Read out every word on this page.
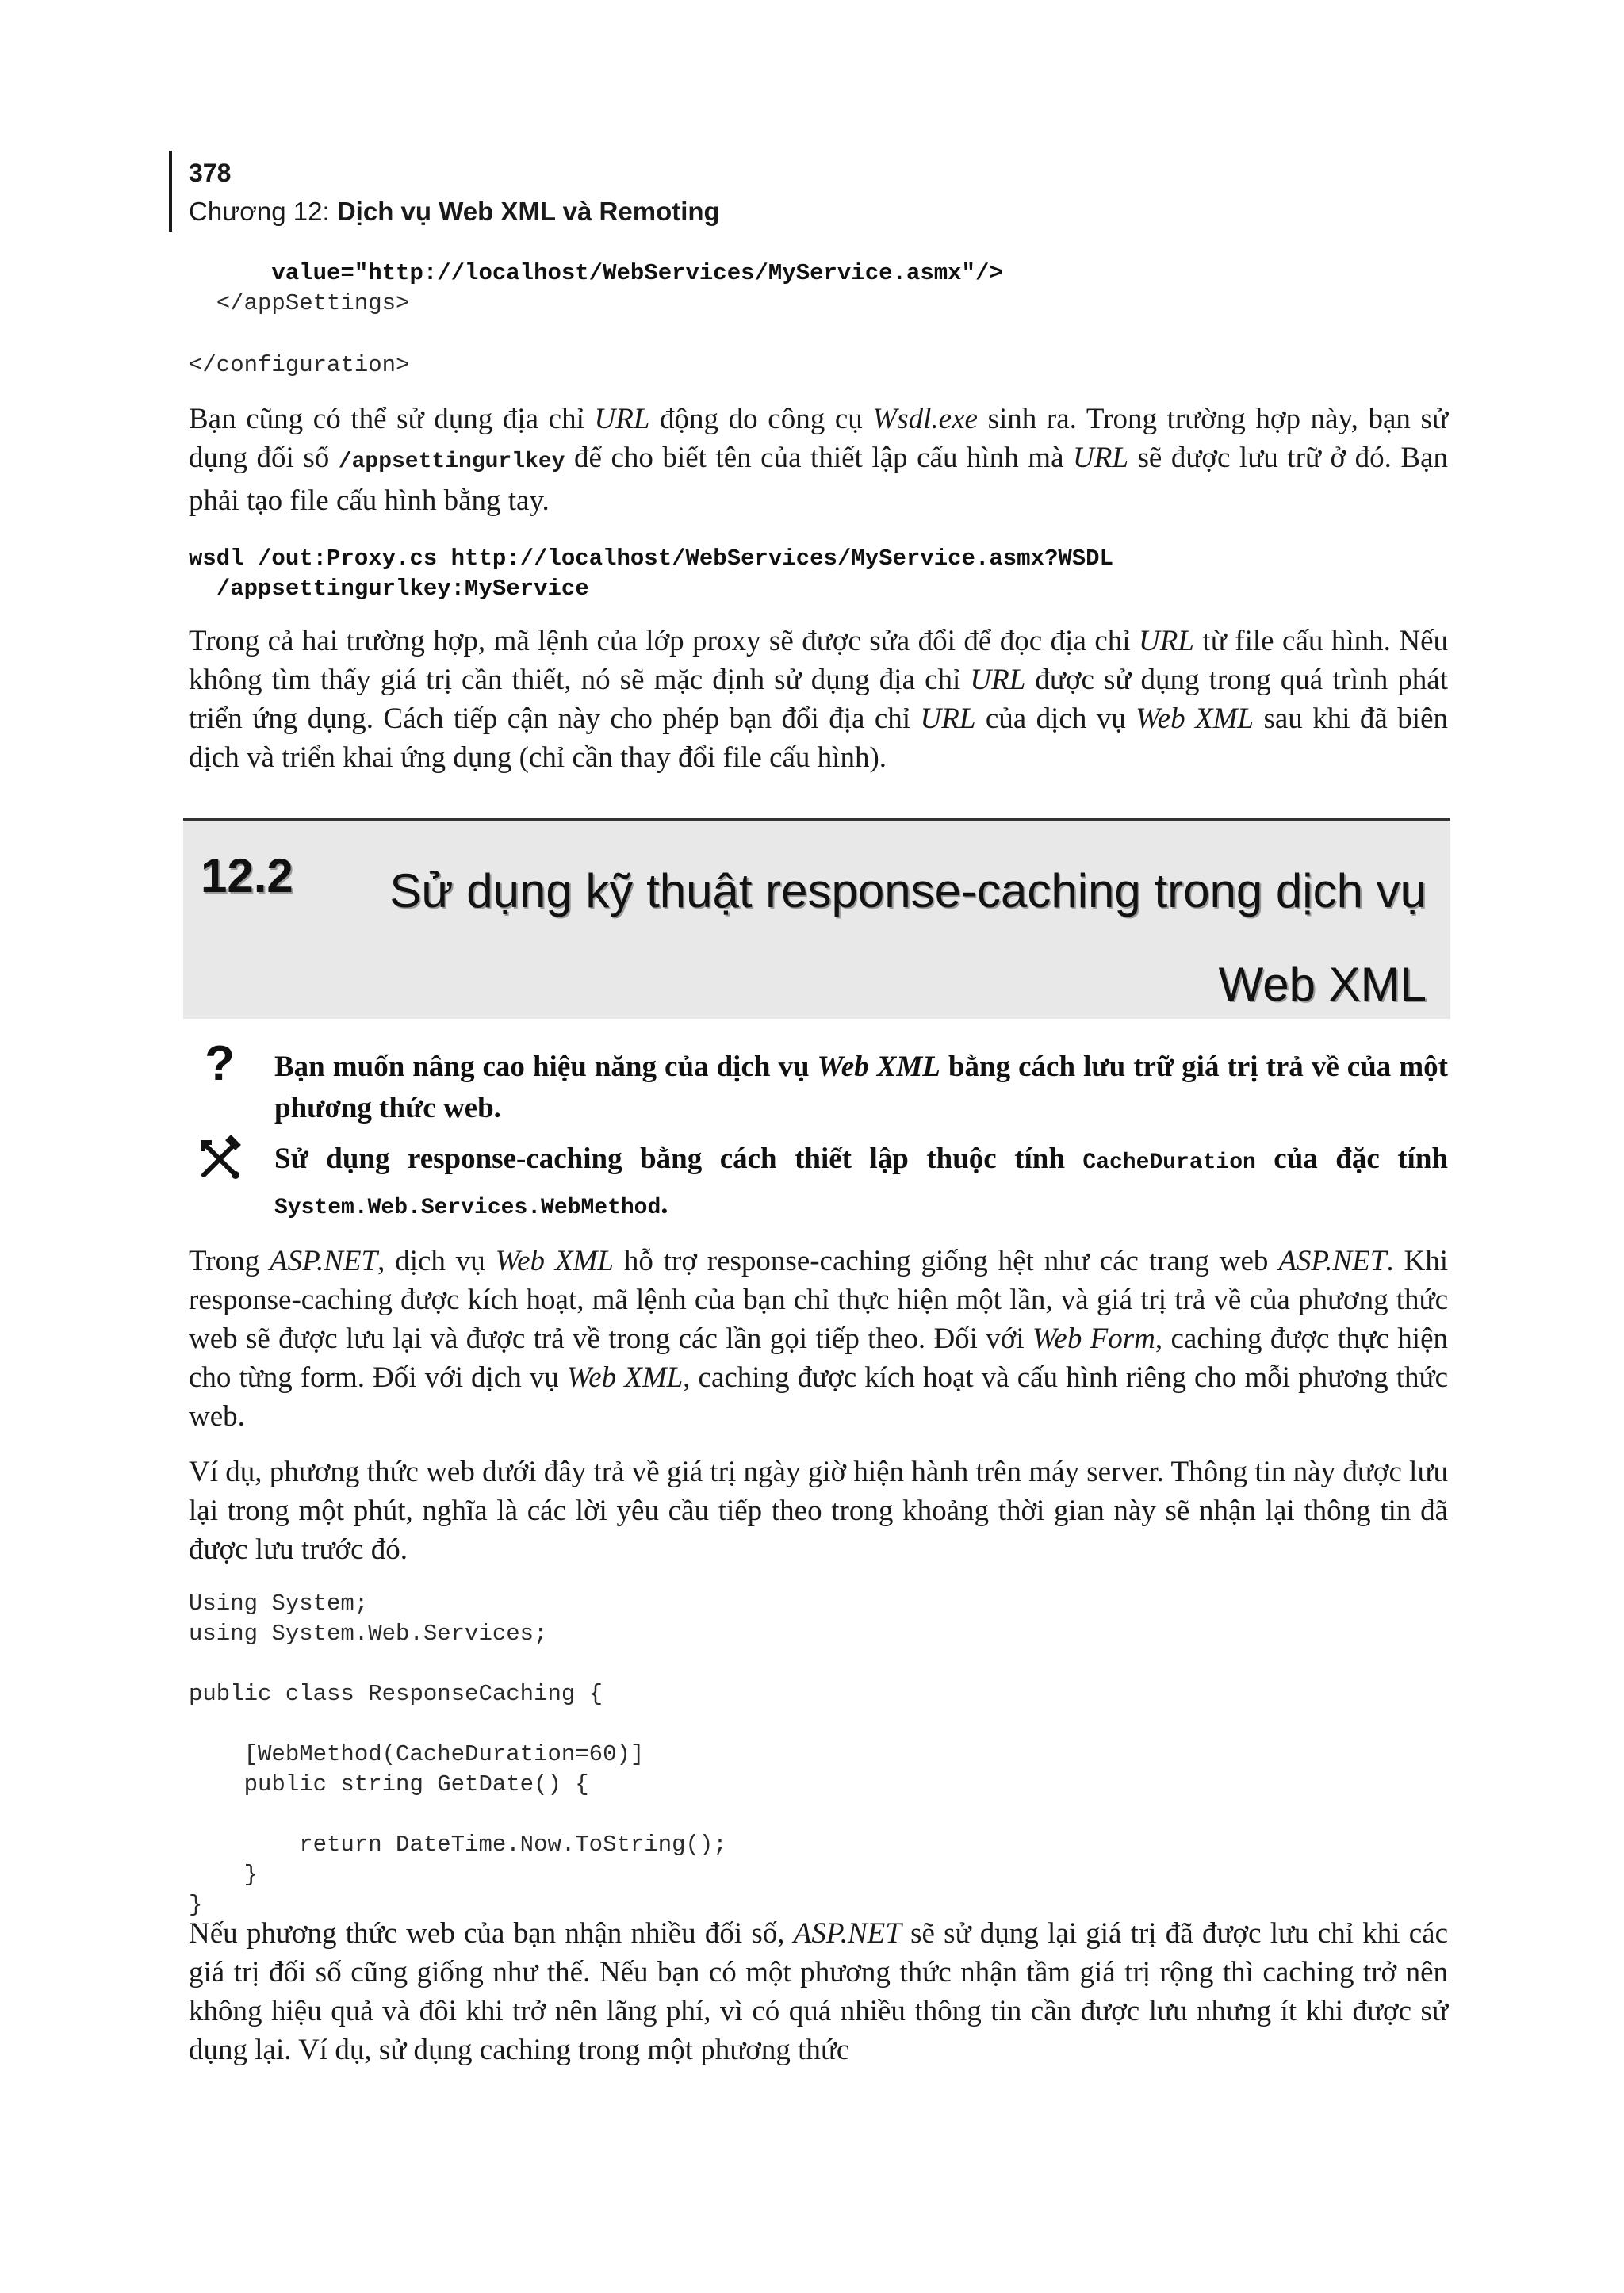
378
Chương 12: Dịch vụ Web XML và Remoting
value="http://localhost/WebServices/MyService.asmx"/>
</appSettings>
</configuration>

Bạn cũng có thể sử dụng địa chỉ URL động do công cụ Wsdl.exe sinh ra. Trong trường hợp này, bạn sử dụng đối số /appsettingurlkey để cho biết tên của thiết lập cấu hình mà URL sẽ được lưu trữ ở đó. Bạn phải tạo file cấu hình bằng tay.

wsdl /out:Proxy.cs http://localhost/WebServices/MyService.asmx?WSDL
/appsettingurlkey:MyService

Trong cả hai trường hợp, mã lệnh của lớp proxy sẽ được sửa đổi để đọc địa chỉ URL từ file cấu hình. Nếu không tìm thấy giá trị cần thiết, nó sẽ mặc định sử dụng địa chỉ URL được sử dụng trong quá trình phát triển ứng dụng. Cách tiếp cận này cho phép bạn đổi địa chỉ URL của dịch vụ Web XML sau khi đã biên dịch và triển khai ứng dụng (chỉ cần thay đổi file cấu hình).

12.2	Sử dụng kỹ thuật response-caching trong dịch vụ Web XML

? Bạn muốn nâng cao hiệu năng của dịch vụ Web XML bằng cách lưu trữ giá trị trả về của một phương thức web.

Sử dụng response-caching bằng cách thiết lập thuộc tính CacheDuration của đặc tính System.Web.Services.WebMethod.

Trong ASP.NET, dịch vụ Web XML hỗ trợ response-caching giống hệt như các trang web ASP.NET. Khi response-caching được kích hoạt, mã lệnh của bạn chỉ thực hiện một lần, và giá trị trả về của phương thức web sẽ được lưu lại và được trả về trong các lần gọi tiếp theo. Đối với Web Form, caching được thực hiện cho từng form. Đối với dịch vụ Web XML, caching được kích hoạt và cấu hình riêng cho mỗi phương thức web.

Ví dụ, phương thức web dưới đây trả về giá trị ngày giờ hiện hành trên máy server. Thông tin này được lưu lại trong một phút, nghĩa là các lời yêu cầu tiếp theo trong khoảng thời gian này sẽ nhận lại thông tin đã được lưu trước đó.

Using System;
using System.Web.Services;

public class ResponseCaching {

[WebMethod(CacheDuration=60)]
public string GetDate() {

return DateTime.Now.ToString();
}
}

Nếu phương thức web của bạn nhận nhiều đối số, ASP.NET sẽ sử dụng lại giá trị đã được lưu chỉ khi các giá trị đối số cũng giống như thế. Nếu bạn có một phương thức nhận tầm giá trị rộng thì caching trở nên không hiệu quả và đôi khi trở nên lãng phí, vì có quá nhiều thông tin cần được lưu nhưng ít khi được sử dụng lại. Ví dụ, sử dụng caching trong một phương thức
